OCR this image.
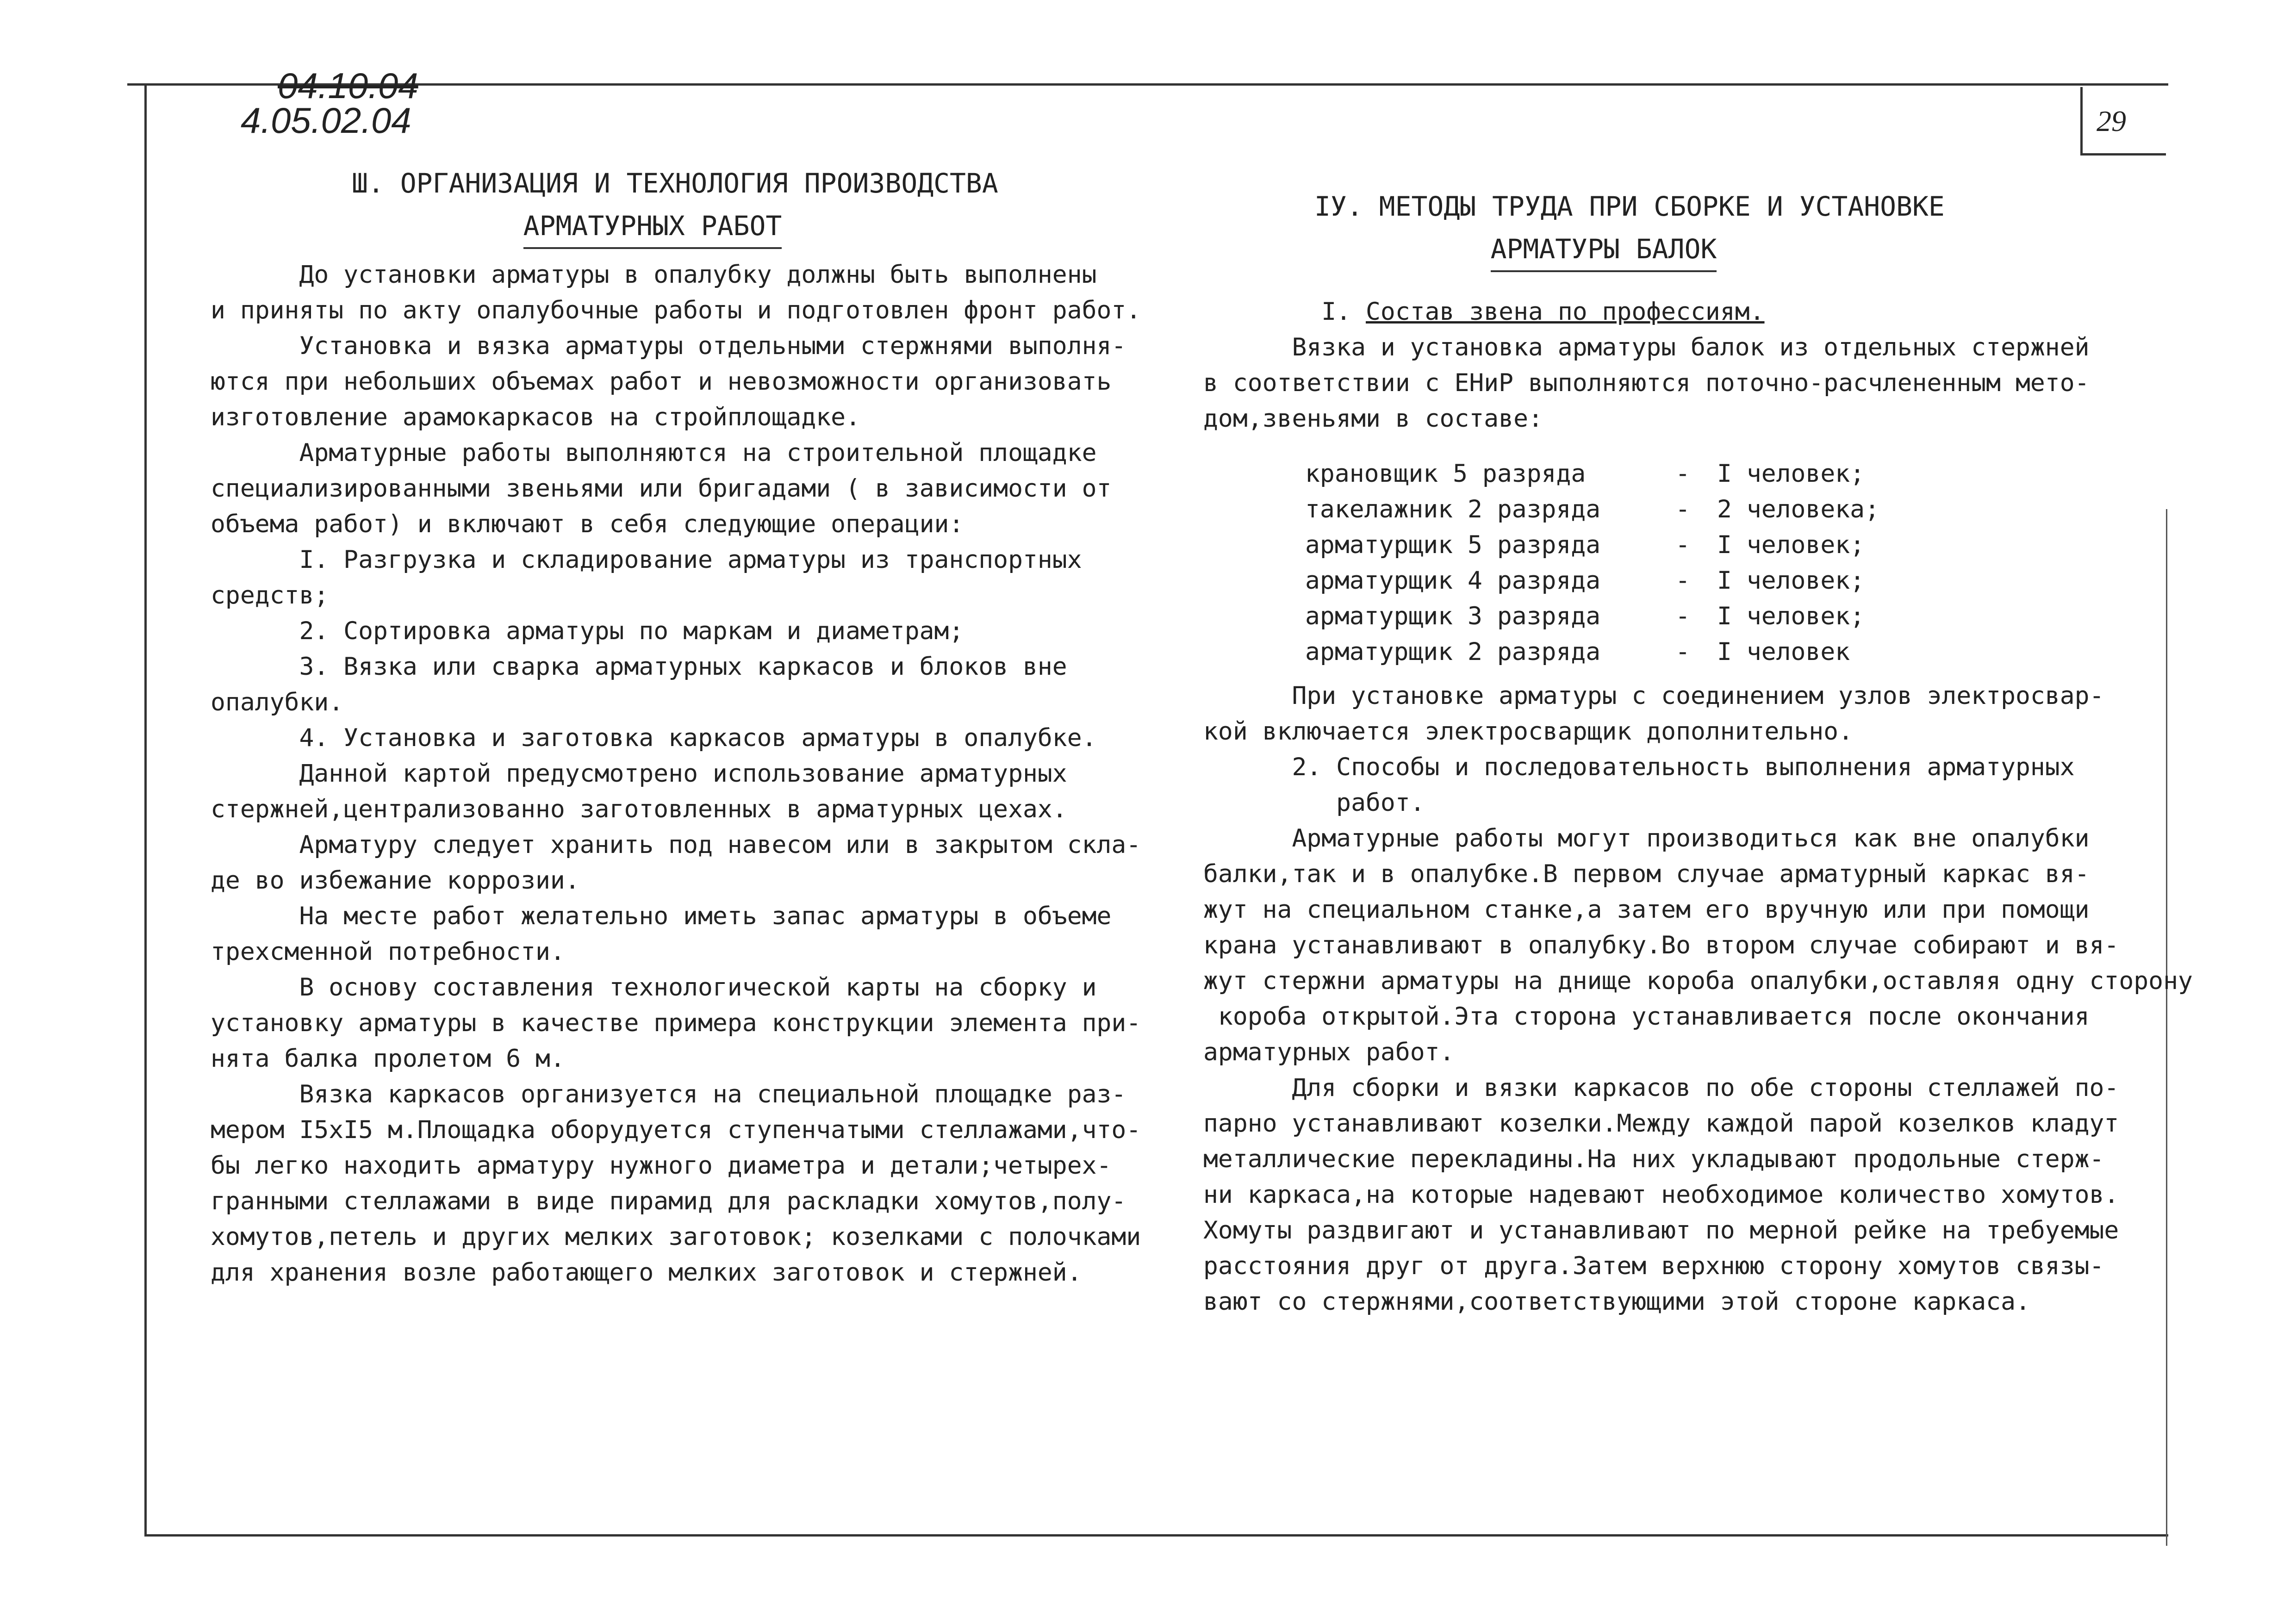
29
04.10.04
4.05.02.04
Ш. ОРГАНИЗАЦИЯ И ТЕХНОЛОГИЯ ПРОИЗВОДСТВА
АРМАТУРНЫХ РАБОТ
До установки арматуры в опалубку должны быть выполнены
и приняты по акту опалубочные работы и подготовлен фронт работ.
Установка и вязка арматуры отдельными стержнями выполня-
ются при небольших объемах работ и невозможности организовать
изготовление арамокаркасов на стройплощадке.
Арматурные работы выполняются на строительной площадке
специализированными звеньями или бригадами ( в зависимости от
объема работ) и включают в себя следующие операции:
I. Разгрузка и складирование арматуры из транспортных
средств;
2. Сортировка арматуры по маркам и диаметрам;
3. Вязка или сварка арматурных каркасов и блоков вне
опалубки.
4. Установка и заготовка каркасов арматуры в опалубке.
Данной картой предусмотрено использование арматурных
стержней,централизованно заготовленных в арматурных цехах.
Арматуру следует хранить под навесом или в закрытом скла-
де во избежание коррозии.
На месте работ желательно иметь запас арматуры в объеме
трехсменной потребности.
В основу составления технологической карты на сборку и
установку арматуры в качестве примера конструкции элемента при-
нята балка пролетом 6 м.
Вязка каркасов организуется на специальной площадке раз-
мером I5xI5 м.Площадка оборудуется ступенчатыми стеллажами,что-
бы легко находить арматуру нужного диаметра и детали;четырех-
гранными стеллажами в виде пирамид для раскладки хомутов,полу-
хомутов,петель и других мелких заготовок; козелками с полочками
для хранения возле работающего мелких заготовок и стержней.
IУ. МЕТОДЫ ТРУДА ПРИ СБОРКЕ И УСТАНОВКЕ
АРМАТУРЫ БАЛОК
I. Состав звена по профессиям.
Вязка и установка арматуры балок из отдельных стержней
в соответствии с ЕНиР выполняются поточно-расчлененным мето-
дом,звеньями в составе:
крановщик 5 разряда	-	I человек;
такелажник 2 разряда	-	2 человека;
арматурщик 5 разряда	-	I человек;
арматурщик 4 разряда	-	I человек;
арматурщик 3 разряда	-	I человек;
арматурщик 2 разряда	-	I человек
При установке арматуры с соединением узлов электросвар-
кой включается электросварщик дополнительно.
2. Способы и последовательность выполнения арматурных
работ.
Арматурные работы могут производиться как вне опалубки
балки,так и в опалубке.В первом случае арматурный каркас вя-
жут на специальном станке,а затем его вручную или при помощи
крана устанавливают в опалубку.Во втором случае собирают и вя-
жут стержни арматуры на днище короба опалубки,оставляя одну сторону
короба открытой.Эта сторона устанавливается после окончания
арматурных работ.
Для сборки и вязки каркасов по обе стороны стеллажей по-
парно устанавливают козелки.Между каждой парой козелков кладут
металлические перекладины.На них укладывают продольные стерж-
ни каркаса,на которые надевают необходимое количество хомутов.
Хомуты раздвигают и устанавливают по мерной рейке на требуемые
расстояния друг от друга.Затем верхнюю сторону хомутов связы-
вают со стержнями,соответствующими этой стороне каркаса.
